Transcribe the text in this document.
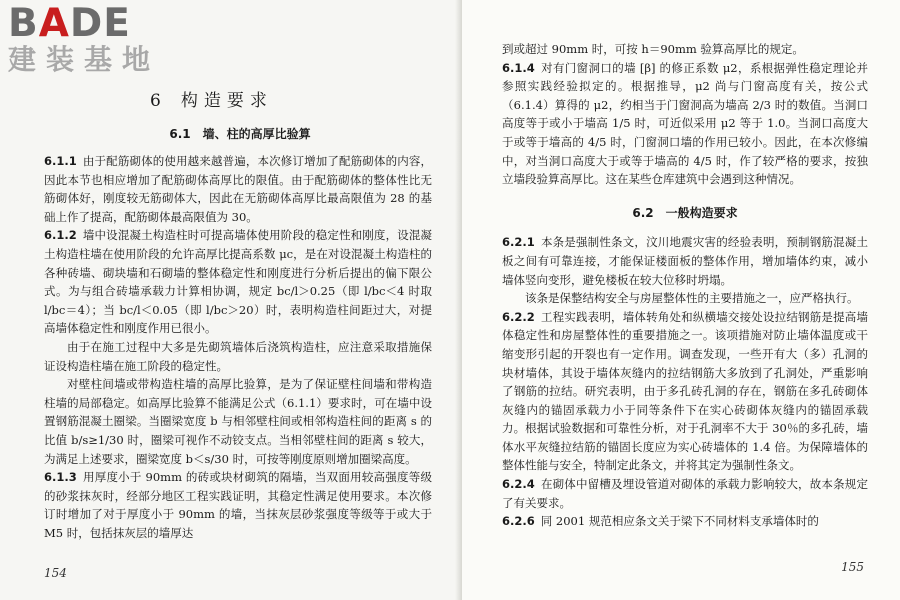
BADE
建装基地
6 构造要求
6.1　墙、柱的高厚比验算

6.1.1 由于配筋砌体的使用越来越普遍，本次修订增加了配筋砌体的内容，因此本节也相应增加了配筋砌体高厚比的限值。由于配筋砌体的整体性比无筋砌体好，刚度较无筋砌体大，因此在无筋砌体高厚比最高限值为 28 的基础上作了提高，配筋砌体最高限值为 30。

6.1.2 墙中设混凝土构造柱时可提高墙体使用阶段的稳定性和刚度，设混凝土构造柱墙在使用阶段的允许高厚比提高系数 μc，是在对设混凝土构造柱的各种砖墙、砌块墙和石砌墙的整体稳定性和刚度进行分析后提出的偏下限公式。为与组合砖墙承载力计算相协调，规定 bc/l＞0.25（即 l/bc＜4 时取 l/bc＝4）；当 bc/l＜0.05（即 l/bc＞20）时，表明构造柱间距过大，对提高墙体稳定性和刚度作用已很小。

由于在施工过程中大多是先砌筑墙体后浇筑构造柱，应注意采取措施保证设构造柱墙在施工阶段的稳定性。

对壁柱间墙或带构造柱墙的高厚比验算，是为了保证壁柱间墙和带构造柱墙的局部稳定。如高厚比验算不能满足公式（6.1.1）要求时，可在墙中设置钢筋混凝土圈梁。当圈梁宽度 b 与相邻壁柱间或相邻构造柱间的距离 s 的比值 b/s≥1/30 时，圈梁可视作不动铰支点。当相邻壁柱间的距离 s 较大，为满足上述要求，圈梁宽度 b＜s/30 时，可按等刚度原则增加圈梁高度。

6.1.3 用厚度小于 90mm 的砖或块材砌筑的隔墙，当双面用较高强度等级的砂浆抹灰时，经部分地区工程实践证明，其稳定性满足使用要求。本次修订时增加了对于厚度小于 90mm 的墙，当抹灰层砂浆强度等级等于或大于 M5 时，包括抹灰层的墙厚达

154

到或超过 90mm 时，可按 h＝90mm 验算高厚比的规定。

6.1.4 对有门窗洞口的墙 [β] 的修正系数 μ2，系根据弹性稳定理论并参照实践经验拟定的。根据推导，μ2 尚与门窗高度有关，按公式（6.1.4）算得的 μ2，约相当于门窗洞高为墙高 2/3 时的数值。当洞口高度等于或小于墙高 1/5 时，可近似采用 μ2 等于 1.0。当洞口高度大于或等于墙高的 4/5 时，门窗洞口墙的作用已较小。因此，在本次修编中，对当洞口高度大于或等于墙高的 4/5 时，作了较严格的要求，按独立墙段验算高厚比。这在某些仓库建筑中会遇到这种情况。

6.2　一般构造要求

6.2.1 本条是强制性条文，汶川地震灾害的经验表明，预制钢筋混凝土板之间有可靠连接，才能保证楼面板的整体作用，增加墙体约束，减小墙体竖向变形，避免楼板在较大位移时坍塌。

该条是保整结构安全与房屋整体性的主要措施之一，应严格执行。

6.2.2 工程实践表明，墙体转角处和纵横墙交接处设拉结钢筋是提高墙体稳定性和房屋整体性的重要措施之一。该项措施对防止墙体温度或干缩变形引起的开裂也有一定作用。调查发现，一些开有大（多）孔洞的块材墙体，其设于墙体灰缝内的拉结钢筋大多放到了孔洞处，严重影响了钢筋的拉结。研究表明，由于多孔砖孔洞的存在，钢筋在多孔砖砌体灰缝内的锚固承载力小于同等条件下在实心砖砌体灰缝内的锚固承载力。根据试验数据和可靠性分析，对于孔洞率不大于 30％的多孔砖，墙体水平灰缝拉结筋的锚固长度应为实心砖墙体的 1.4 倍。为保障墙体的整体性能与安全，特制定此条文，并将其定为强制性条文。

6.2.4 在砌体中留槽及埋设管道对砌体的承载力影响较大，故本条规定了有关要求。

6.2.6 同 2001 规范相应条文关于梁下不同材料支承墙体时的

155
